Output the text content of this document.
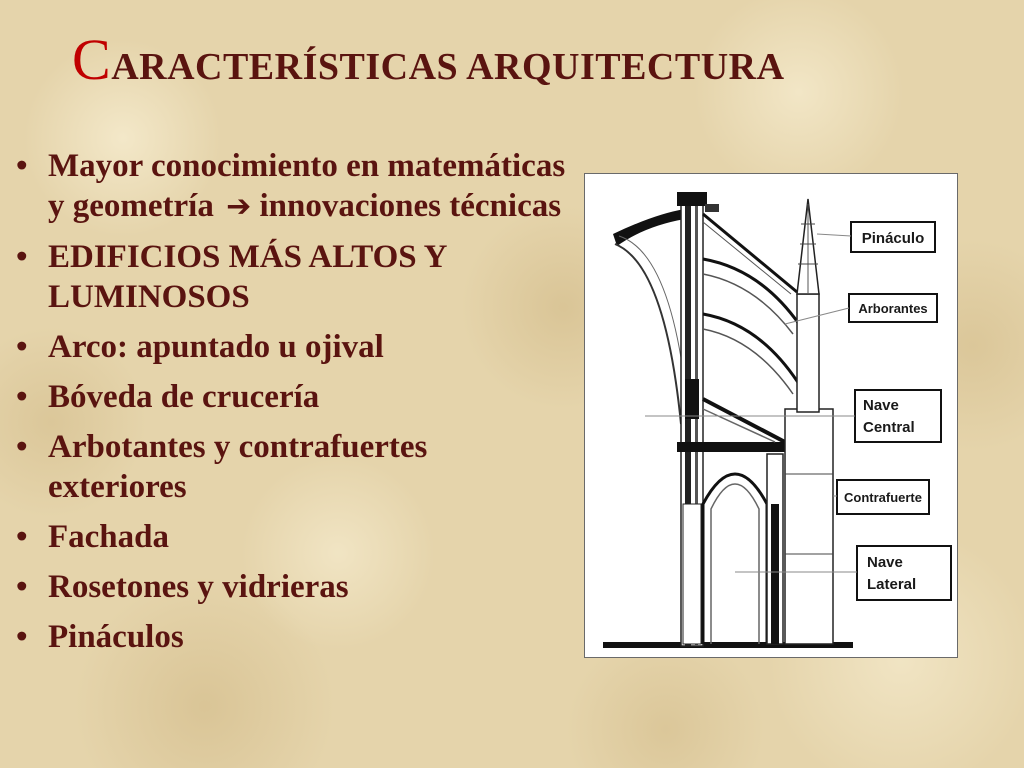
CARACTERÍSTICAS ARQUITECTURA
• Mayor conocimiento en matemáticas y geometría ➔ innovaciones técnicas
• EDIFICIOS MÁS ALTOS Y LUMINOSOS
• Arco: apuntado u ojival
• Bóveda de crucería
• Arbotantes y contrafuertes exteriores
• Fachada
• Rosetones y vidrieras
• Pináculos
Pináculo
Arborantes
Nave
Central
Contrafuerte
Nave
Lateral
